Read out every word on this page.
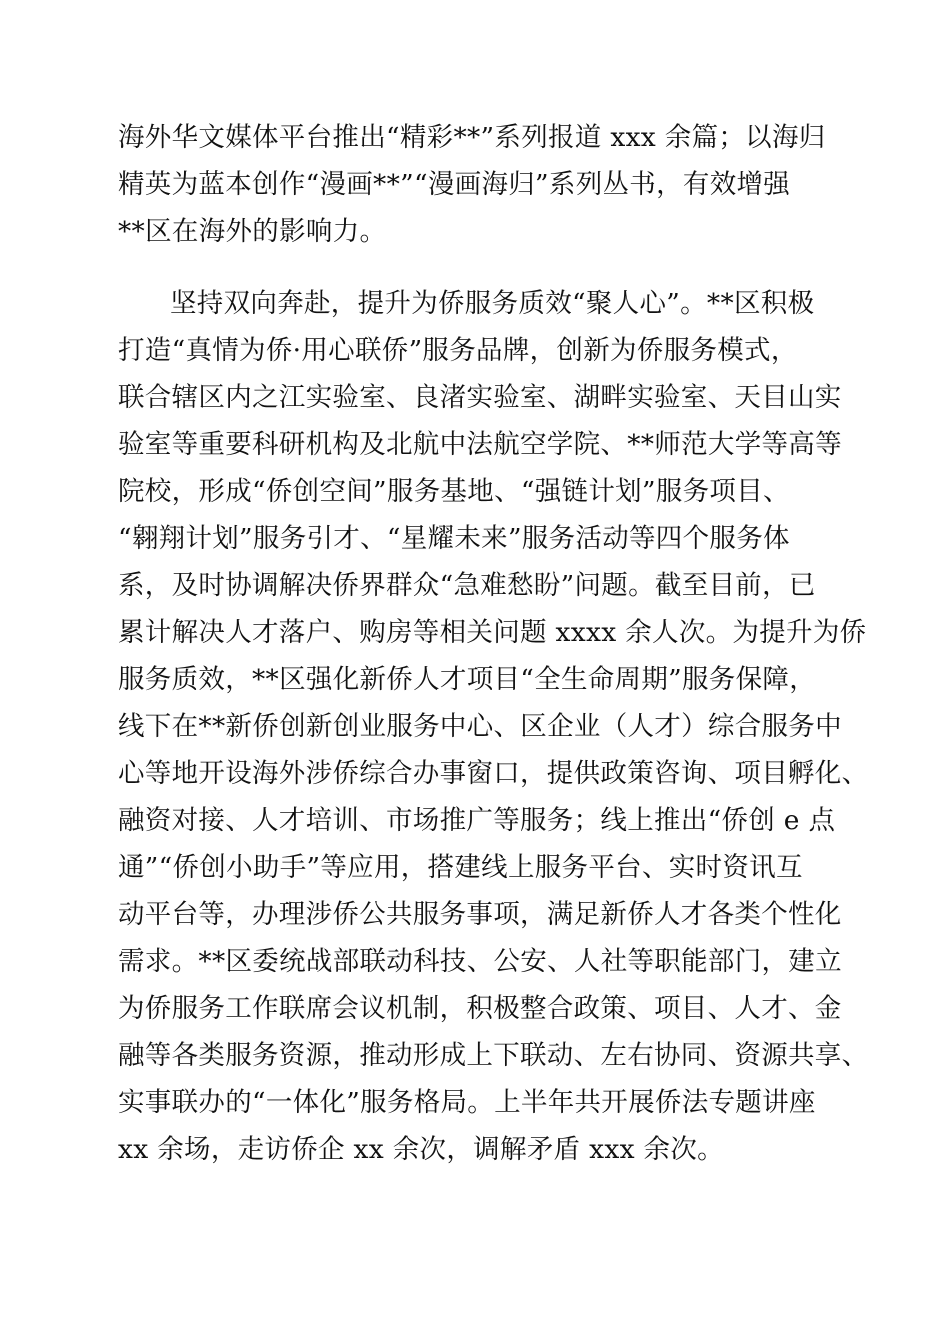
海外华文媒体平台推出“精彩**”系列报道 xxx 余篇；以海归

精英为蓝本创作“漫画**”“漫画海归”系列丛书，有效增强

**区在海外的影响力。

坚持双向奔赴，提升为侨服务质效“聚人心”。**区积极

打造“真情为侨·用心联侨”服务品牌，创新为侨服务模式，

联合辖区内之江实验室、良渚实验室、湖畔实验室、天目山实

验室等重要科研机构及北航中法航空学院、**师范大学等高等

院校，形成“侨创空间”服务基地、“强链计划”服务项目、

“翱翔计划”服务引才、“星耀未来”服务活动等四个服务体

系，及时协调解决侨界群众“急难愁盼”问题。截至目前，已

累计解决人才落户、购房等相关问题 xxxx 余人次。为提升为侨

服务质效，**区强化新侨人才项目“全生命周期”服务保障，

线下在**新侨创新创业服务中心、区企业（人才）综合服务中

心等地开设海外涉侨综合办事窗口，提供政策咨询、项目孵化、

融资对接、人才培训、市场推广等服务；线上推出“侨创 e 点

通”“侨创小助手”等应用，搭建线上服务平台、实时资讯互

动平台等，办理涉侨公共服务事项，满足新侨人才各类个性化

需求。**区委统战部联动科技、公安、人社等职能部门，建立

为侨服务工作联席会议机制，积极整合政策、项目、人才、金

融等各类服务资源，推动形成上下联动、左右协同、资源共享、

实事联办的“一体化”服务格局。上半年共开展侨法专题讲座

xx 余场，走访侨企 xx 余次，调解矛盾 xxx 余次。
